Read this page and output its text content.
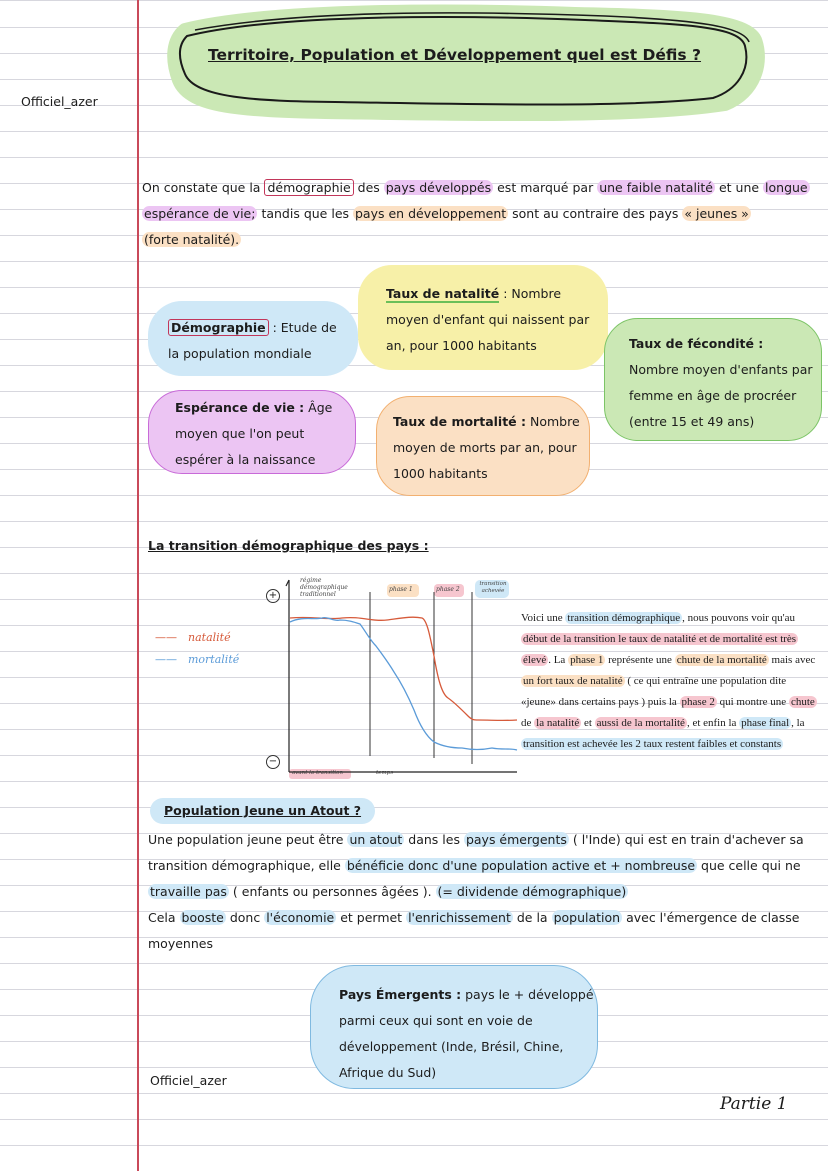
Territoire, Population et Développement quel est Défis ?
Officiel_azer
On constate que la démographie des pays développés est marqué par une faible natalité et une longue
espérance de vie; tandis que les pays en développement sont au contraire des pays « jeunes »
(forte natalité).
Démographie : Etude de
la population mondiale
Taux de natalité : Nombre
moyen d'enfant qui naissent par
an, pour 1000 habitants	Taux de fécondité :
Nombre moyen d'enfants par
femme en âge de procréer
(entre 15 et 49 ans)
Espérance de vie : Âge
moyen que l'on peut
espérer à la naissance
Taux de mortalité : Nombre
moyen de morts par an, pour
1000 habitants
La transition démographique des pays :
—— natalité
—— mortalité
+
−
régime démographique traditionnel
phase 1	phase 2
transition achevée
avant la transition	temps
Voici une transition démographique , nous pouvons voir qu'au
début de la transition le taux de natalité et de mortalité est très
élevé . La phase 1 représente une chute de la mortalité mais avec
un fort taux de natalité ( ce qui entraîne une population dite
«jeune» dans certains pays ) puis la phase 2 qui montre une chute
de la natalité et aussi de la mortalité , et enfin la phase final , la
transition est achevée les 2 taux restent faibles et constants
Population Jeune un Atout ?
Une population jeune peut être un atout dans les pays émergents ( l'Inde) qui est en train d'achever sa
transition démographique, elle bénéficie donc d'une population active et + nombreuse que celle qui ne
travaille pas ( enfants ou personnes âgées ). (= dividende démographique)
Cela booste donc l'économie et permet l'enrichissement de la population avec l'émergence de classe
moyennes
Pays Émergents : pays le + développé
parmi ceux qui sont en voie de
développement (Inde, Brésil, Chine,
Afrique du Sud)
Officiel_azer
Partie 1
